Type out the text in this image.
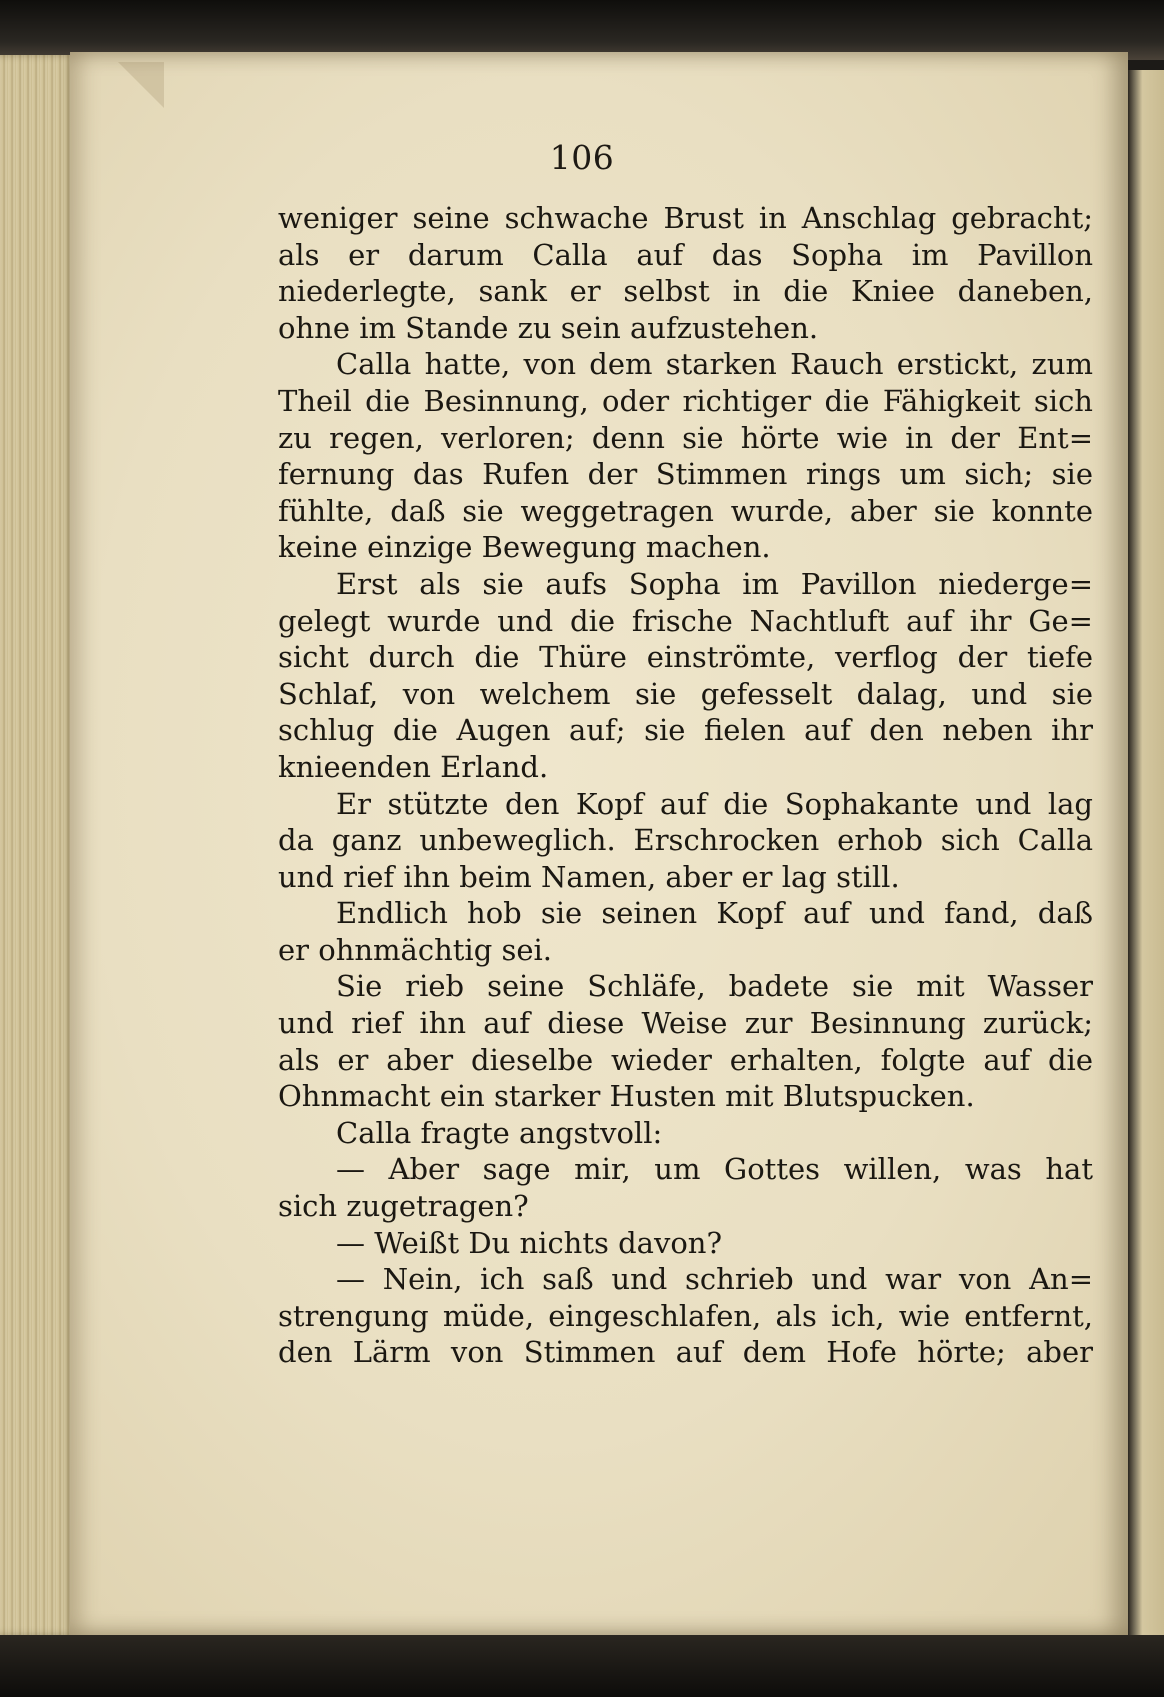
106
weniger seine schwache Brust in Anschlag gebracht;
als er darum Calla auf das Sopha im Pavillon
niederlegte, sank er selbst in die Kniee daneben,
ohne im Stande zu sein aufzustehen.
Calla hatte, von dem starken Rauch erstickt, zum
Theil die Besinnung, oder richtiger die Fähigkeit sich
zu regen, verloren; denn sie hörte wie in der Ent=
fernung das Rufen der Stimmen rings um sich; sie
fühlte, daß sie weggetragen wurde, aber sie konnte
keine einzige Bewegung machen.
Erst als sie aufs Sopha im Pavillon niederge=
gelegt wurde und die frische Nachtluft auf ihr Ge=
sicht durch die Thüre einströmte, verflog der tiefe
Schlaf, von welchem sie gefesselt dalag, und sie
schlug die Augen auf; sie fielen auf den neben ihr
knieenden Erland.
Er stützte den Kopf auf die Sophakante und lag
da ganz unbeweglich. Erschrocken erhob sich Calla
und rief ihn beim Namen, aber er lag still.
Endlich hob sie seinen Kopf auf und fand, daß
er ohnmächtig sei.
Sie rieb seine Schläfe, badete sie mit Wasser
und rief ihn auf diese Weise zur Besinnung zurück;
als er aber dieselbe wieder erhalten, folgte auf die
Ohnmacht ein starker Husten mit Blutspucken.
Calla fragte angstvoll:
— Aber sage mir, um Gottes willen, was hat
sich zugetragen?
— Weißt Du nichts davon?
— Nein, ich saß und schrieb und war von An=
strengung müde, eingeschlafen, als ich, wie entfernt,
den Lärm von Stimmen auf dem Hofe hörte; aber
